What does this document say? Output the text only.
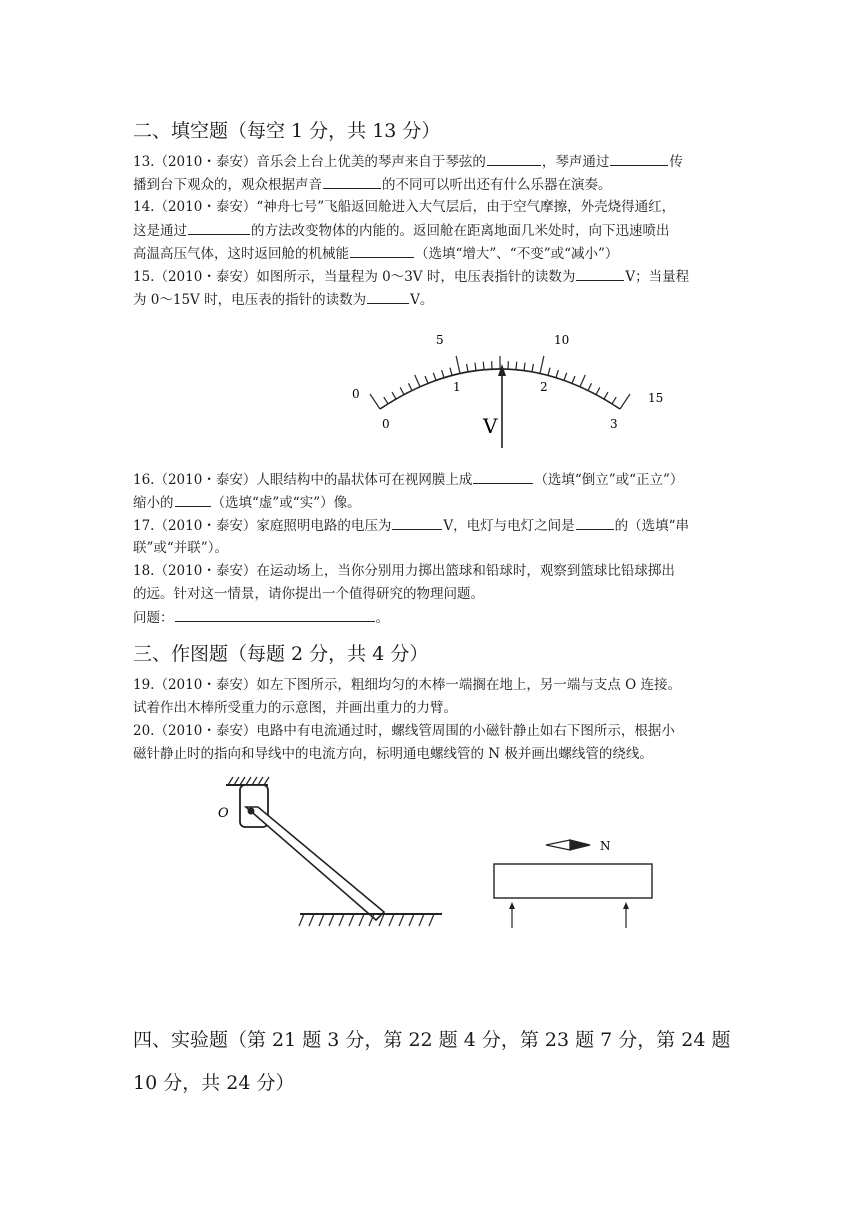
二、填空题（每空 1 分，共 13 分）
13.（2010・泰安）音乐会上台上优美的琴声来自于琴弦的	，琴声通过	传
播到台下观众的，观众根据声音	的不同可以听出还有什么乐器在演奏。
14.（2010・泰安）“神舟七号”飞船返回舱进入大气层后，由于空气摩擦，外壳烧得通红，
这是通过	的方法改变物体的内能的。返回舱在距离地面几米处时，向下迅速喷出
高温高压气体，这时返回舱的机械能	（选填“增大”、“不变”或“减小”）
15.（2010・泰安）如图所示，当量程为 0～3V 时，电压表指针的读数为	V；当量程
为 0～15V 时，电压表的指针的读数为	V。
5	10
0	15
0
1	2
3
V
16.（2010・泰安）人眼结构中的晶状体可在视网膜上成	（选填“倒立”或“正立”）
缩小的	（选填“虚”或“实”）像。
17.（2010・泰安）家庭照明电路的电压为	V，电灯与电灯之间是	的（选填“串
联”或“并联”）。
18.（2010・泰安）在运动场上，当你分别用力掷出篮球和铅球时，观察到篮球比铅球掷出
的远。针对这一情景，请你提出一个值得研究的物理问题。
问题：	。
三、作图题（每题 2 分，共 4 分）
19.（2010・泰安）如左下图所示，粗细均匀的木棒一端搁在地上，另一端与支点 O 连接。
试着作出木棒所受重力的示意图，并画出重力的力臂。
20.（2010・泰安）电路中有电流通过时，螺线管周围的小磁针静止如右下图所示，根据小
磁针静止时的指向和导线中的电流方向，标明通电螺线管的 N 极并画出螺线管的绕线。
O
N
四、实验题（第 21 题 3 分，第 22 题 4 分，第 23 题 7 分，第 24 题
10 分，共 24 分）
